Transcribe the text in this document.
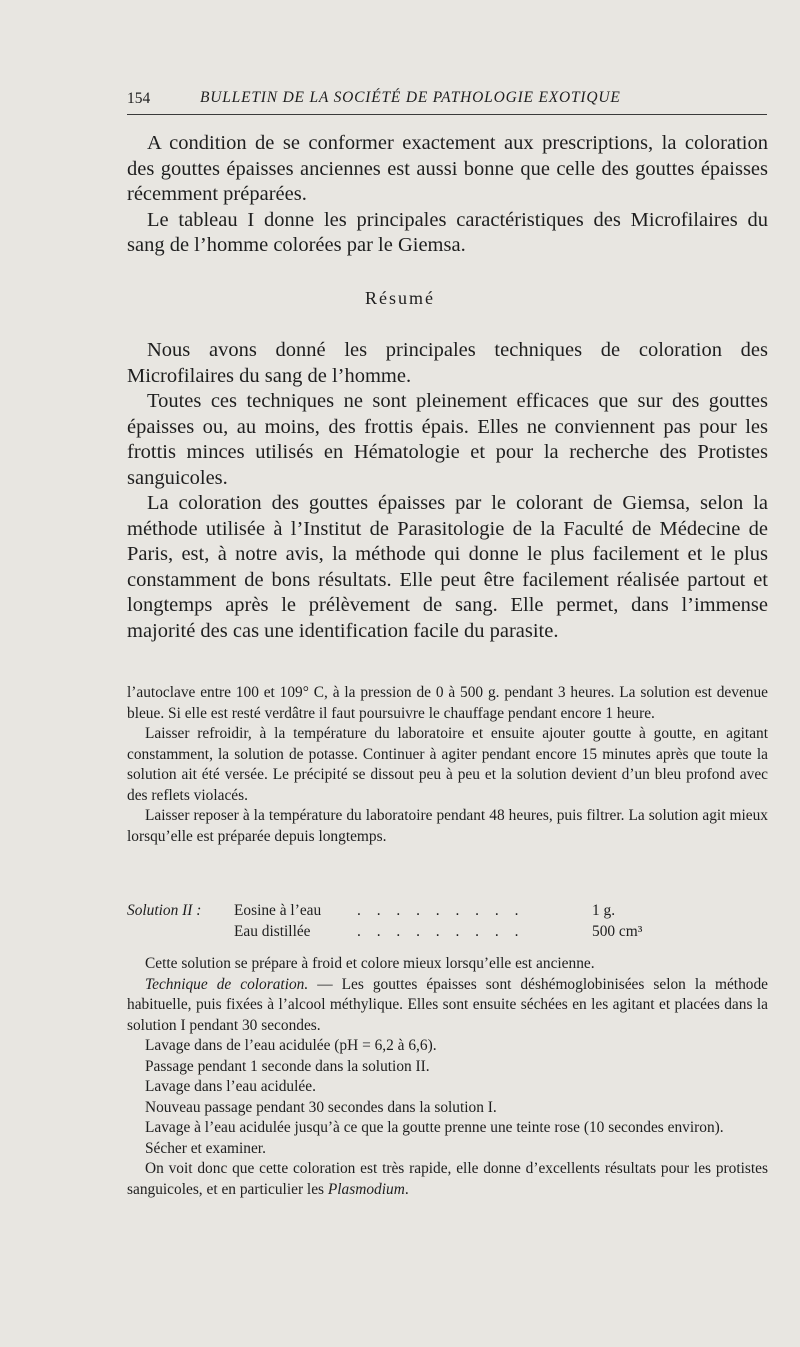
154	BULLETIN DE LA SOCIÉTÉ DE PATHOLOGIE EXOTIQUE

A condition de se conformer exactement aux prescriptions, la coloration des gouttes épaisses anciennes est aussi bonne que celle des gouttes épaisses récemment préparées.

Le tableau I donne les principales caractéristiques des Microfilaires du sang de l’homme colorées par le Giemsa.

Résumé

Nous avons donné les principales techniques de coloration des Microfilaires du sang de l’homme.

Toutes ces techniques ne sont pleinement efficaces que sur des gouttes épaisses ou, au moins, des frottis épais. Elles ne conviennent pas pour les frottis minces utilisés en Hématologie et pour la recherche des Protistes sanguicoles.

La coloration des gouttes épaisses par le colorant de Giemsa, selon la méthode utilisée à l’Institut de Parasitologie de la Faculté de Médecine de Paris, est, à notre avis, la méthode qui donne le plus facilement et le plus constamment de bons résultats. Elle peut être facilement réalisée partout et longtemps après le prélèvement de sang. Elle permet, dans l’immense majorité des cas une identification facile du parasite.

l’autoclave entre 100 et 109° C, à la pression de 0 à 500 g. pendant 3 heures. La solution est devenue bleue. Si elle est resté verdâtre il faut poursuivre le chauffage pendant encore 1 heure.

Laisser refroidir, à la température du laboratoire et ensuite ajouter goutte à goutte, en agitant constamment, la solution de potasse. Continuer à agiter pendant encore 15 minutes après que toute la solution ait été versée. Le précipité se dissout peu à peu et la solution devient d’un bleu profond avec des reflets violacés.

Laisser reposer à la température du laboratoire pendant 48 heures, puis filtrer. La solution agit mieux lorsqu’elle est préparée depuis longtemps.

Solution II : Eosine à l’eau . . . . . . . . .	1 g.
Eau distillée	. . . . . . . . .	500 cm³

Cette solution se prépare à froid et colore mieux lorsqu’elle est ancienne.

Technique de coloration. — Les gouttes épaisses sont déshémoglobinisées selon la méthode habituelle, puis fixées à l’alcool méthylique. Elles sont ensuite séchées en les agitant et placées dans la solution I pendant 30 secondes.

Lavage dans de l’eau acidulée (pH = 6,2 à 6,6).

Passage pendant 1 seconde dans la solution II.

Lavage dans l’eau acidulée.

Nouveau passage pendant 30 secondes dans la solution I.

Lavage à l’eau acidulée jusqu’à ce que la goutte prenne une teinte rose (10 secondes environ).

Sécher et examiner.

On voit donc que cette coloration est très rapide, elle donne d’excellents résultats pour les protistes sanguicoles, et en particulier les Plasmodium.
